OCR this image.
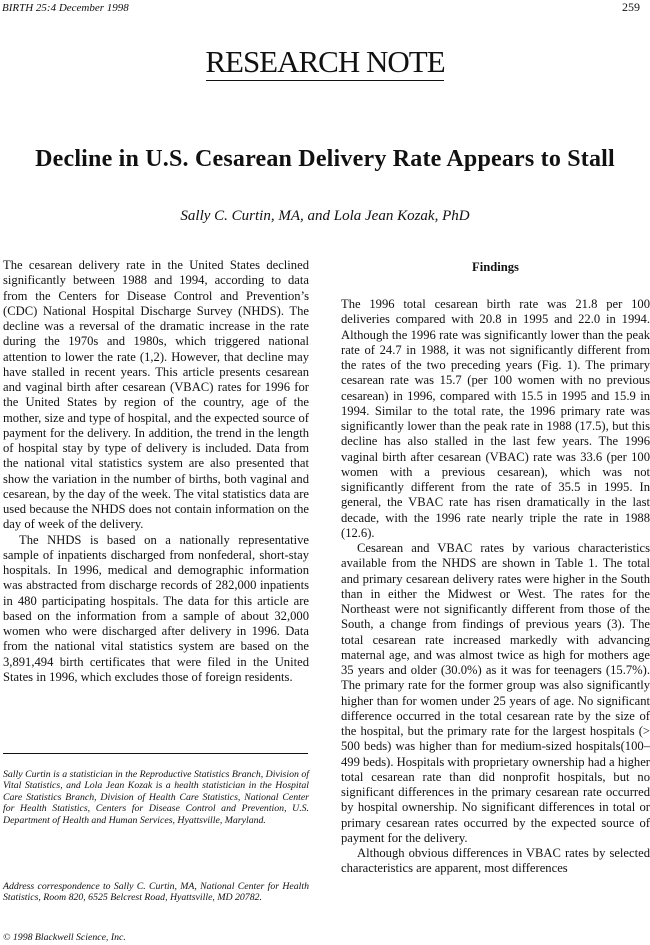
BIRTH 25:4 December 1998	259
RESEARCH NOTE
Decline in U.S. Cesarean Delivery Rate Appears to Stall
Sally C. Curtin, MA, and Lola Jean Kozak, PhD

The cesarean delivery rate in the United States declined significantly between 1988 and 1994, according to data from the Centers for Disease Control and Prevention’s (CDC) National Hospital Discharge Survey (NHDS). The decline was a reversal of the dramatic increase in the rate during the 1970s and 1980s, which triggered national attention to lower the rate (1,2). However, that decline may have stalled in recent years. This article presents cesarean and vaginal birth after cesarean (VBAC) rates for 1996 for the United States by region of the country, age of the mother, size and type of hospital, and the expected source of payment for the delivery. In addition, the trend in the length of hospital stay by type of delivery is included. Data from the national vital statistics system are also presented that show the variation in the number of births, both vaginal and cesarean, by the day of the week. The vital statistics data are used because the NHDS does not contain information on the day of week of the delivery.

The NHDS is based on a nationally representative sample of inpatients discharged from nonfederal, short-stay hospitals. In 1996, medical and demographic information was abstracted from discharge records of 282,000 inpatients in 480 participating hospitals. The data for this article are based on the information from a sample of about 32,000 women who were discharged after delivery in 1996. Data from the national vital statistics system are based on the 3,891,494 birth certificates that were filed in the United States in 1996, which excludes those of foreign residents.

Sally Curtin is a statistician in the Reproductive Statistics Branch, Division of Vital Statistics, and Lola Jean Kozak is a health statistician in the Hospital Care Statistics Branch, Division of Health Care Statistics, National Center for Health Statistics, Centers for Disease Control and Prevention, U.S. Department of Health and Human Services, Hyattsville, Maryland.

Address correspondence to Sally C. Curtin, MA, National Center for Health Statistics, Room 820, 6525 Belcrest Road, Hyattsville, MD 20782.

© 1998 Blackwell Science, Inc.
Findings

The 1996 total cesarean birth rate was 21.8 per 100 deliveries compared with 20.8 in 1995 and 22.0 in 1994. Although the 1996 rate was significantly lower than the peak rate of 24.7 in 1988, it was not significantly different from the rates of the two preceding years (Fig. 1). The primary cesarean rate was 15.7 (per 100 women with no previous cesarean) in 1996, compared with 15.5 in 1995 and 15.9 in 1994. Similar to the total rate, the 1996 primary rate was significantly lower than the peak rate in 1988 (17.5), but this decline has also stalled in the last few years. The 1996 vaginal birth after cesarean (VBAC) rate was 33.6 (per 100 women with a previous cesarean), which was not significantly different from the rate of 35.5 in 1995. In general, the VBAC rate has risen dramatically in the last decade, with the 1996 rate nearly triple the rate in 1988 (12.6).

Cesarean and VBAC rates by various characteristics available from the NHDS are shown in Table 1. The total and primary cesarean delivery rates were higher in the South than in either the Midwest or West. The rates for the Northeast were not significantly different from those of the South, a change from findings of previous years (3). The total cesarean rate increased markedly with advancing maternal age, and was almost twice as high for mothers age 35 years and older (30.0%) as it was for teenagers (15.7%). The primary rate for the former group was also significantly higher than for women under 25 years of age. No significant difference occurred in the total cesarean rate by the size of the hospital, but the primary rate for the largest hospitals (> 500 beds) was higher than for medium-sized hospitals(100–499 beds). Hospitals with proprietary ownership had a higher total cesarean rate than did nonprofit hospitals, but no significant differences in the primary cesarean rate occurred by hospital ownership. No significant differences in total or primary cesarean rates occurred by the expected source of payment for the delivery.

Although obvious differences in VBAC rates by selected characteristics are apparent, most differences
